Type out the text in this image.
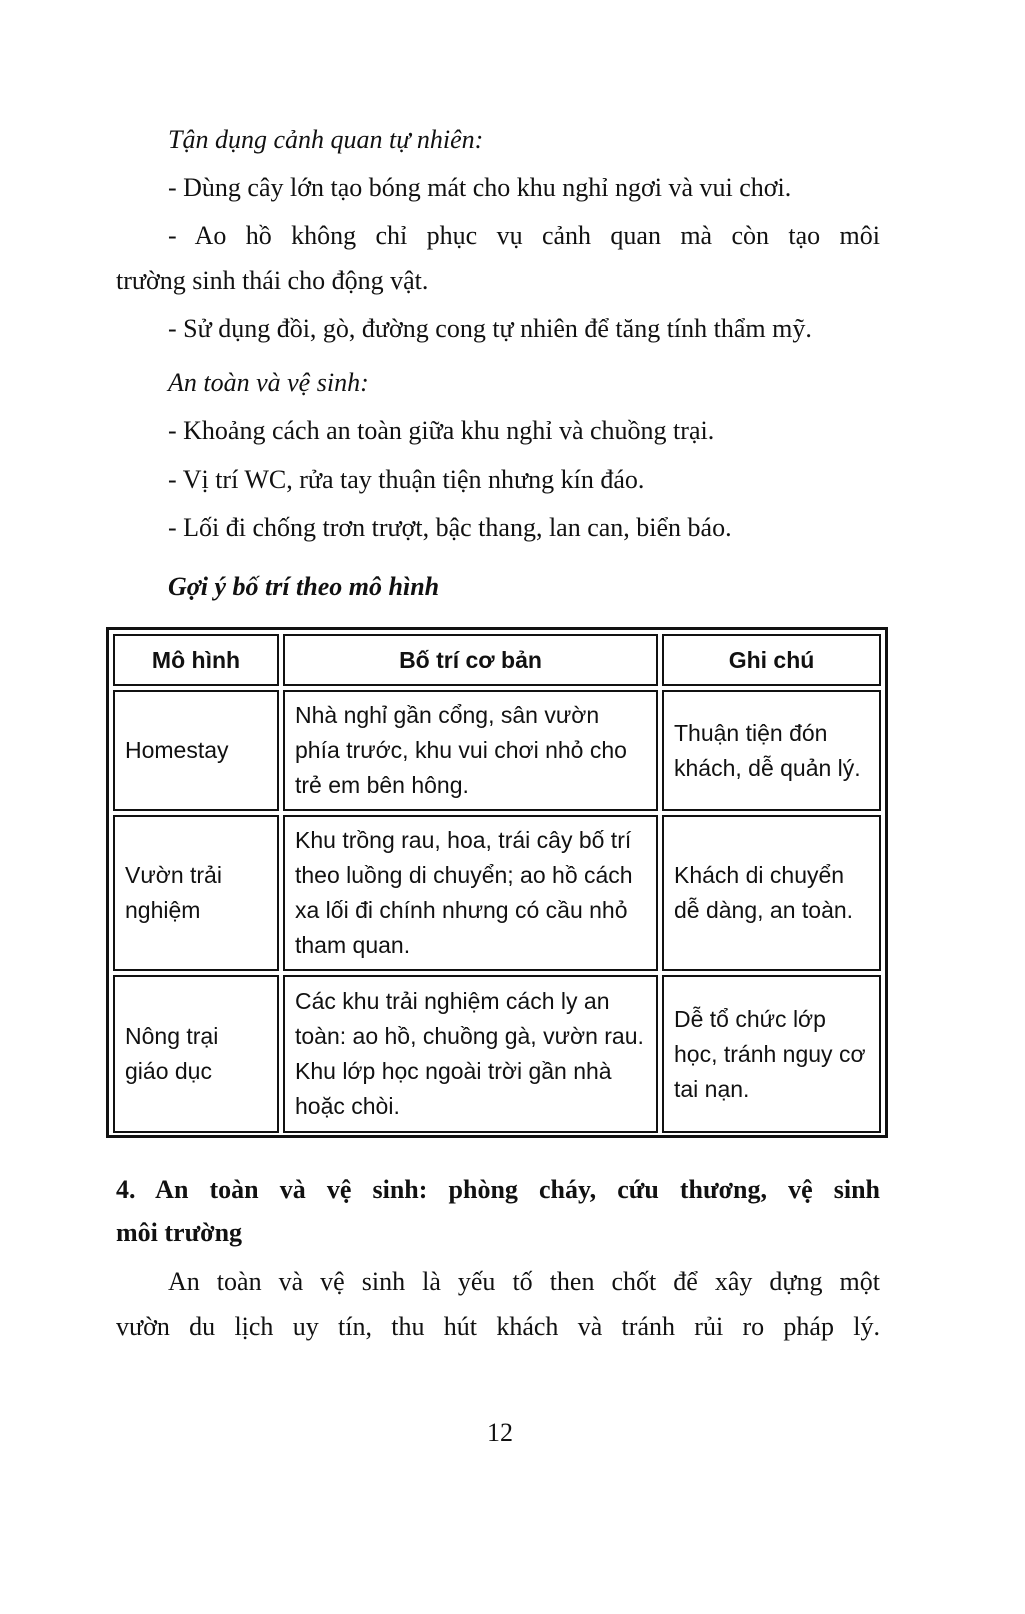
Tận dụng cảnh quan tự nhiên:
- Dùng cây lớn tạo bóng mát cho khu nghỉ ngơi và vui chơi.
- Ao hồ không chỉ phục vụ cảnh quan mà còn tạo môi
trường sinh thái cho động vật.
- Sử dụng đồi, gò, đường cong tự nhiên để tăng tính thẩm mỹ.
An toàn và vệ sinh:
- Khoảng cách an toàn giữa khu nghỉ và chuồng trại.
- Vị trí WC, rửa tay thuận tiện nhưng kín đáo.
- Lối đi chống trơn trượt, bậc thang, lan can, biển báo.
Gợi ý bố trí theo mô hình
Mô hình	Bố trí cơ bản	Ghi chú
Homestay	Nhà nghỉ gần cổng, sân vườn phía trước, khu vui chơi nhỏ cho trẻ em bên hông.	Thuận tiện đón khách, dễ quản lý.
Vườn trải nghiệm	Khu trồng rau, hoa, trái cây bố trí theo luồng di chuyển; ao hồ cách xa lối đi chính nhưng có cầu nhỏ tham quan.	Khách di chuyển dễ dàng, an toàn.
Nông trại giáo dục	Các khu trải nghiệm cách ly an toàn: ao hồ, chuồng gà, vườn rau. Khu lớp học ngoài trời gần nhà hoặc chòi.	Dễ tổ chức lớp học, tránh nguy cơ tai nạn.
4. An toàn và vệ sinh: phòng cháy, cứu thương, vệ sinh
môi trường
An toàn và vệ sinh là yếu tố then chốt để xây dựng một
vườn du lịch uy tín, thu hút khách và tránh rủi ro pháp lý.
12
